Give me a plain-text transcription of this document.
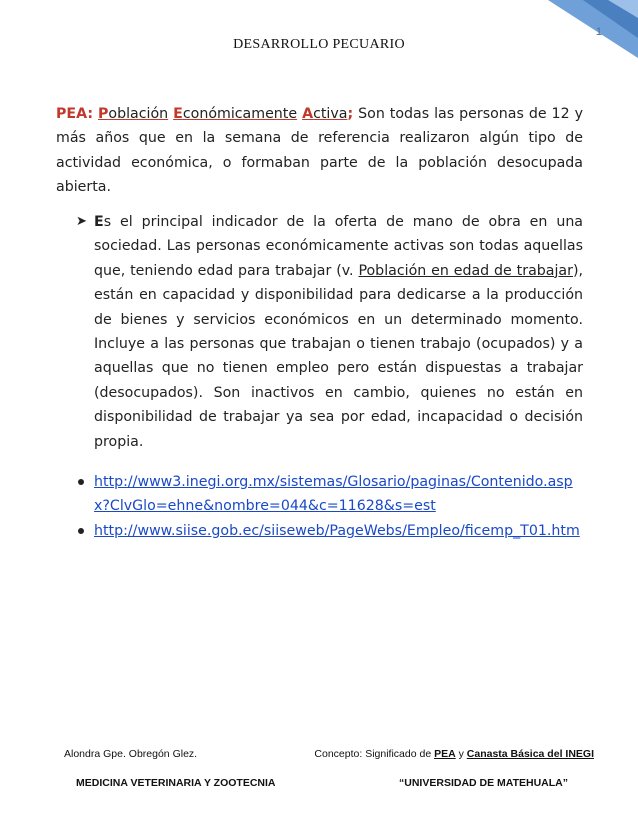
1
DESARROLLO PECUARIO
PEA: Población Económicamente Activa; Son todas las personas de 12 y más años que en la semana de referencia realizaron algún tipo de actividad económica, o formaban parte de la población desocupada abierta.
➤ Es el principal indicador de la oferta de mano de obra en una sociedad. Las personas económicamente activas son todas aquellas que, teniendo edad para trabajar (v. Población en edad de trabajar), están en capacidad y disponibilidad para dedicarse a la producción de bienes y servicios económicos en un determinado momento. Incluye a las personas que trabajan o tienen trabajo (ocupados) y a aquellas que no tienen empleo pero están dispuestas a trabajar (desocupados). Son inactivos en cambio, quienes no están en disponibilidad de trabajar ya sea por edad, incapacidad o decisión propia.
http://www3.inegi.org.mx/sistemas/Glosario/paginas/Contenido.aspx?ClvGlo=ehne&nombre=044&c=11628&s=est
http://www.siise.gob.ec/siiseweb/PageWebs/Empleo/ficemp_T01.htm
Alondra Gpe. Obregón Glez.	Concepto: Significado de PEA y Canasta Básica del INEGI
MEDICINA VETERINARIA Y ZOOTECNIA	“UNIVERSIDAD DE MATEHUALA”
